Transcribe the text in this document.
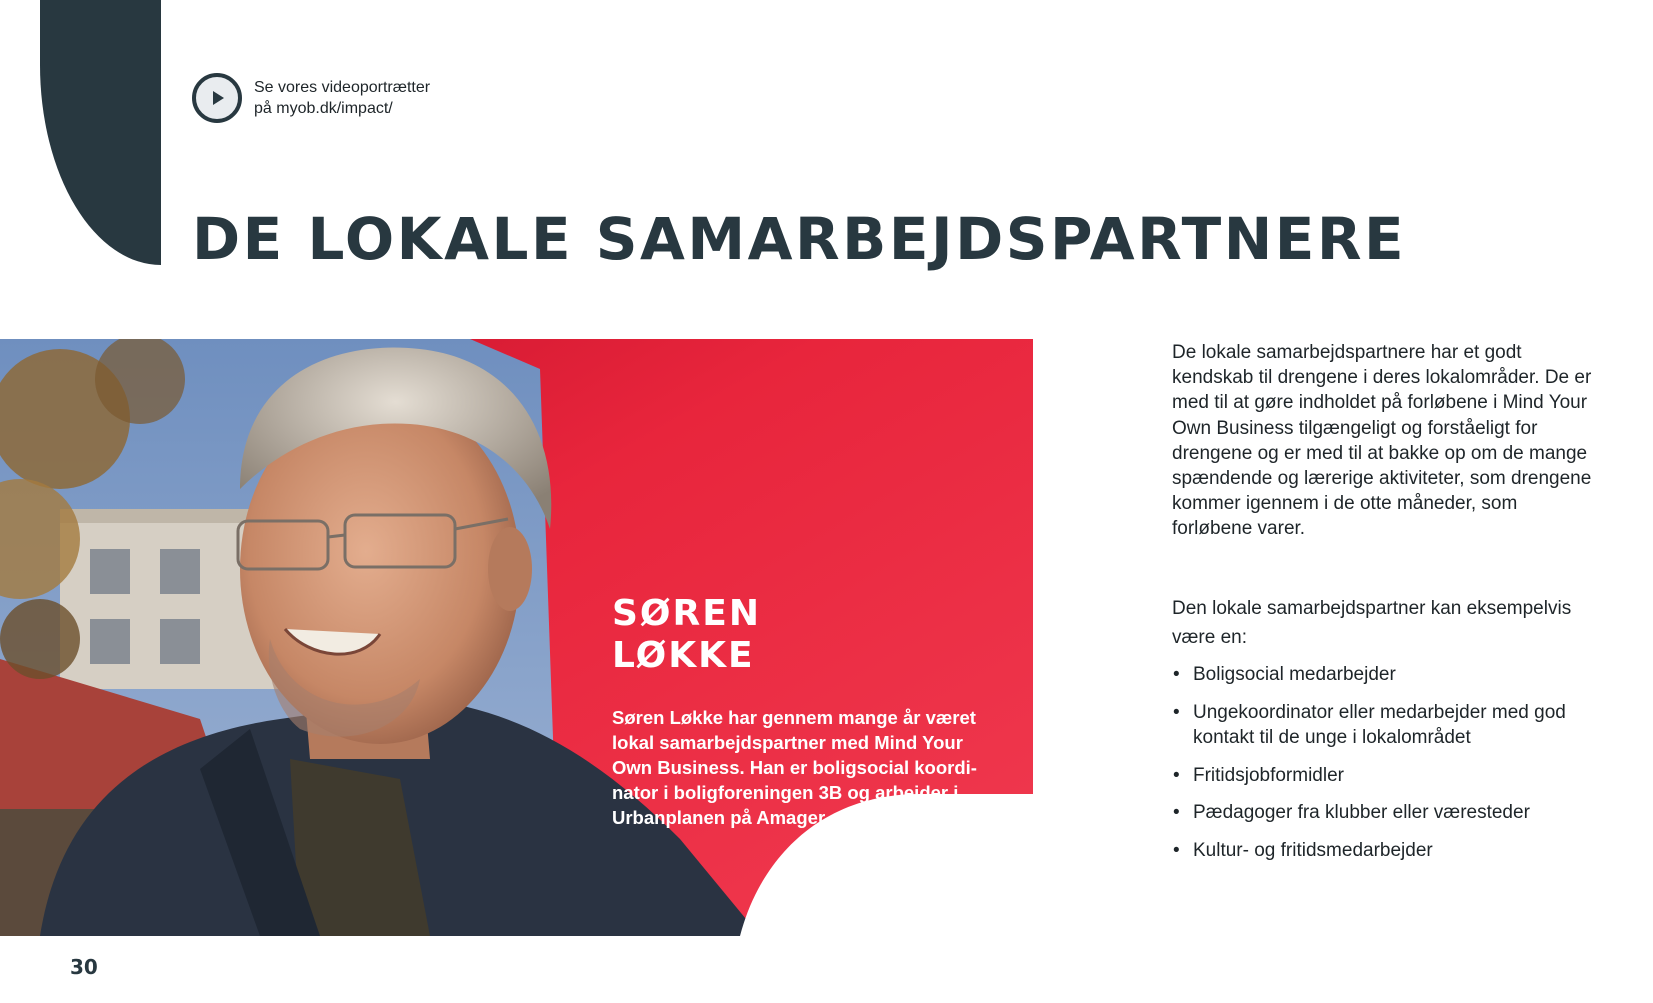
Se vores videoportrætter
på myob.dk/impact/
DE LOKALE SAMARBEJDSPARTNERE
SØREN
LØKKE

Søren Løkke har gennem mange år været lokal samarbejdspartner med Mind Your Own Business. Han er boligsocial koordinator i boligforeningen 3B og arbejder i Urbanplanen på Amager.

De lokale samarbejdspartnere har et godt kendskab til drengene i deres lokalområder. De er med til at gøre indholdet på forløbene i Mind Your Own Business tilgængeligt og forståeligt for drengene og er med til at bakke op om de mange spændende og lærerige aktiviteter, som drengene kommer igennem i de otte måneder, som forløbene varer.

Den lokale samarbejdspartner kan eksempelvis være en:

• Boligsocial medarbejder
• Ungekoordinator eller medarbejder med god kontakt til de unge i lokalområdet
• Fritidsjobformidler
• Pædagoger fra klubber eller væresteder
• Kultur- og fritidsmedarbejder
30
